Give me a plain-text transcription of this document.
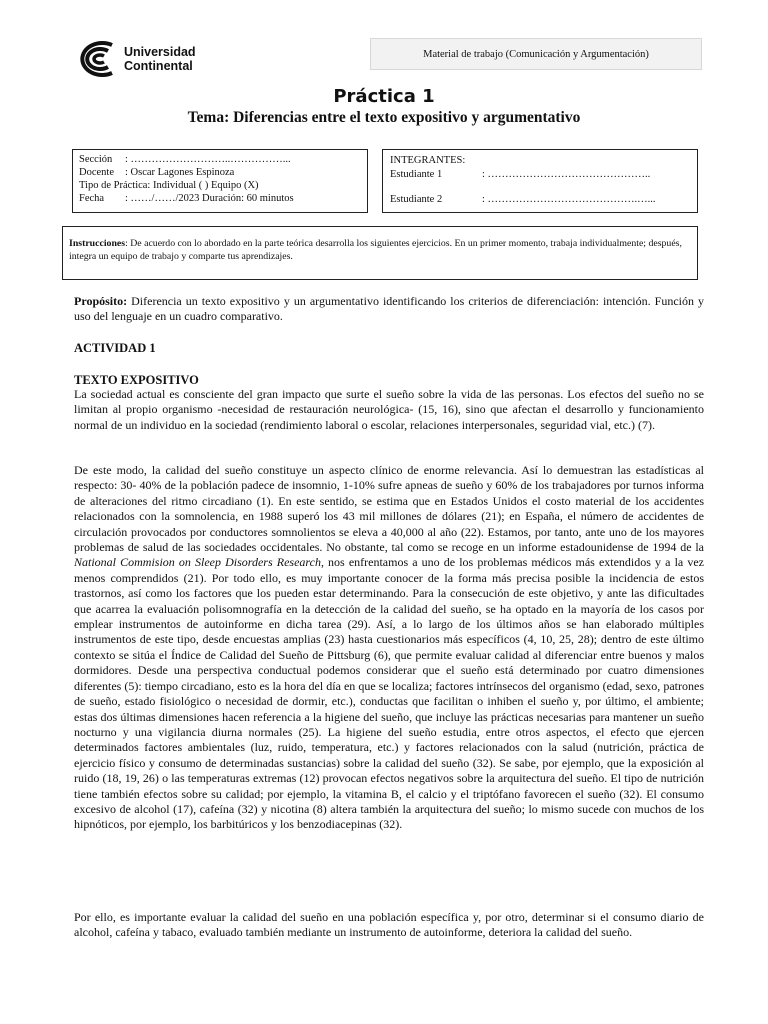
Universidad
Continental
Material de trabajo (Comunicación y Argumentación)
Práctica 1
Tema: Diferencias entre el texto expositivo y argumentativo
Sección : ………………………..……………...
Docente : Oscar Lagones Espinoza
Tipo de Práctica: Individual ( ) Equipo (X)
Fecha : ……/……/2023 Duración: 60 minutos
INTEGRANTES:
Estudiante 1	: ………………………………………..
Estudiante 2	: …………………………………….…...
Instrucciones: De acuerdo con lo abordado en la parte teórica desarrolla los siguientes ejercicios. En un primer momento, trabaja individualmente; después, integra un equipo de trabajo y comparte tus aprendizajes.

Propósito: Diferencia un texto expositivo y un argumentativo identificando los criterios de diferenciación: intención. Función y uso del lenguaje en un cuadro comparativo.

ACTIVIDAD 1
TEXTO EXPOSITIVO

La sociedad actual es consciente del gran impacto que surte el sueño sobre la vida de las personas. Los efectos del sueño no se limitan al propio organismo -necesidad de restauración neurológica- (15, 16), sino que afectan el desarrollo y funcionamiento normal de un individuo en la sociedad (rendimiento laboral o escolar, relaciones interpersonales, seguridad vial, etc.) (7).

De este modo, la calidad del sueño constituye un aspecto clínico de enorme relevancia. Así lo demuestran las estadísticas al respecto: 30- 40% de la población padece de insomnio, 1-10% sufre apneas de sueño y 60% de los trabajadores por turnos informa de alteraciones del ritmo circadiano (1). En este sentido, se estima que en Estados Unidos el costo material de los accidentes relacionados con la somnolencia, en 1988 superó los 43 mil millones de dólares (21); en España, el número de accidentes de circulación provocados por conductores somnolientos se eleva a 40,000 al año (22). Estamos, por tanto, ante uno de los mayores problemas de salud de las sociedades occidentales. No obstante, tal como se recoge en un informe estadounidense de 1994 de la National Commision on Sleep Disorders Research, nos enfrentamos a uno de los problemas médicos más extendidos y a la vez menos comprendidos (21). Por todo ello, es muy importante conocer de la forma más precisa posible la incidencia de estos trastornos, así como los factores que los pueden estar determinando. Para la consecución de este objetivo, y ante las dificultades que acarrea la evaluación polisomnografía en la detección de la calidad del sueño, se ha optado en la mayoría de los casos por emplear instrumentos de autoinforme en dicha tarea (29). Así, a lo largo de los últimos años se han elaborado múltiples instrumentos de este tipo, desde encuestas amplias (23) hasta cuestionarios más específicos (4, 10, 25, 28); dentro de este último contexto se sitúa el Índice de Calidad del Sueño de Pittsburg (6), que permite evaluar calidad al diferenciar entre buenos y malos dormidores. Desde una perspectiva conductual podemos considerar que el sueño está determinado por cuatro dimensiones diferentes (5): tiempo circadiano, esto es la hora del día en que se localiza; factores intrínsecos del organismo (edad, sexo, patrones de sueño, estado fisiológico o necesidad de dormir, etc.), conductas que facilitan o inhiben el sueño y, por último, el ambiente; estas dos últimas dimensiones hacen referencia a la higiene del sueño, que incluye las prácticas necesarias para mantener un sueño nocturno y una vigilancia diurna normales (25). La higiene del sueño estudia, entre otros aspectos, el efecto que ejercen determinados factores ambientales (luz, ruido, temperatura, etc.) y factores relacionados con la salud (nutrición, práctica de ejercicio físico y consumo de determinadas sustancias) sobre la calidad del sueño (32). Se sabe, por ejemplo, que la exposición al ruido (18, 19, 26) o las temperaturas extremas (12) provocan efectos negativos sobre la arquitectura del sueño. El tipo de nutrición tiene también efectos sobre su calidad; por ejemplo, la vitamina B, el calcio y el triptófano favorecen el sueño (32). El consumo excesivo de alcohol (17), cafeína (32) y nicotina (8) altera también la arquitectura del sueño; lo mismo sucede con muchos de los hipnóticos, por ejemplo, los barbitúricos y los benzodiacepinas (32).

Por ello, es importante evaluar la calidad del sueño en una población específica y, por otro, determinar si el consumo diario de alcohol, cafeína y tabaco, evaluado también mediante un instrumento de autoinforme, deteriora la calidad del sueño.
